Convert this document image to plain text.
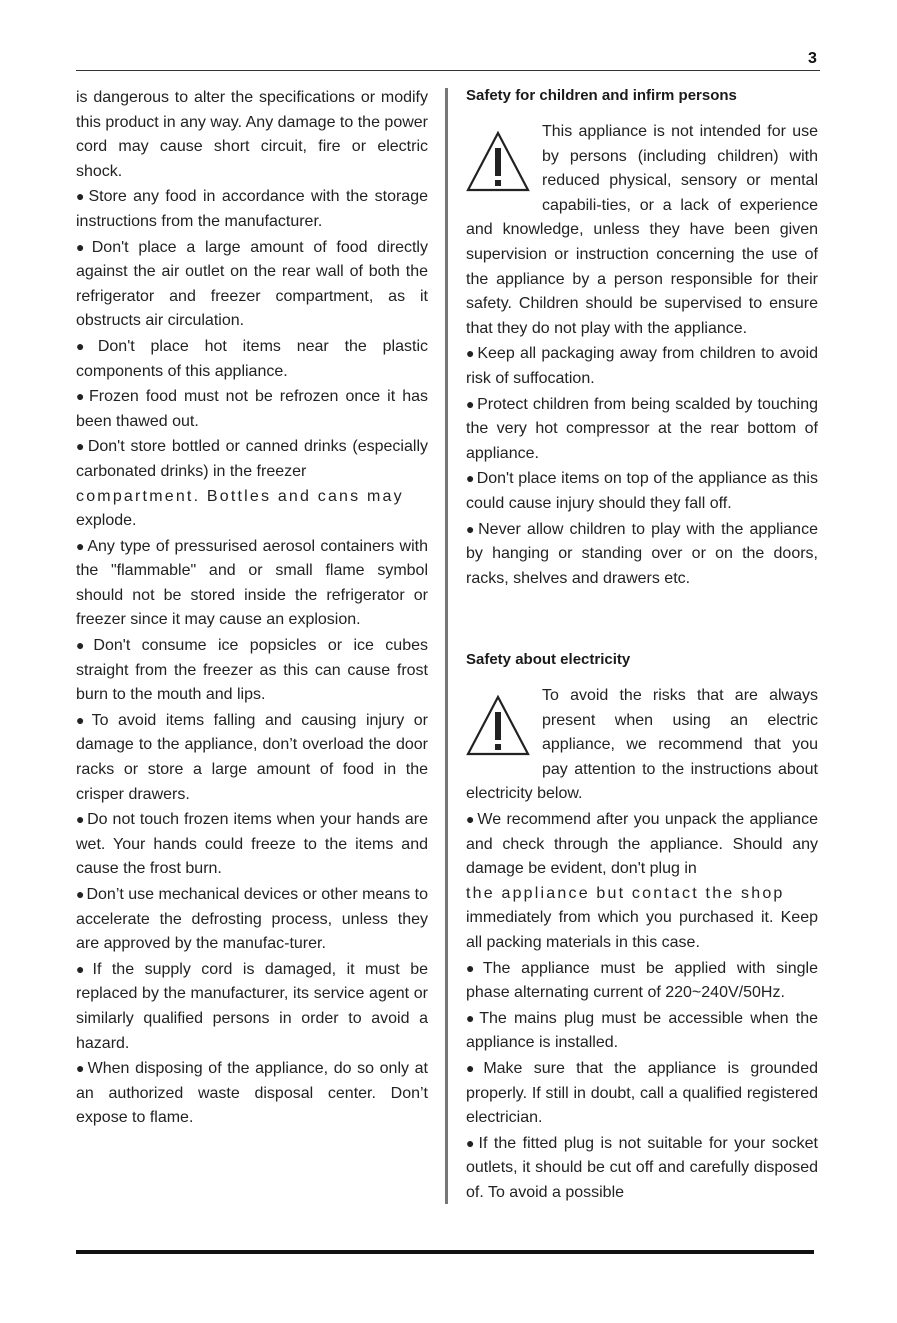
3

is dangerous to alter the specifications or modify this product in any way. Any damage to the power cord may cause short circuit, fire or electric shock.

● Store any food in accordance with the storage instructions from the manufacturer.

● Don't place a large amount of food directly against the air outlet on the rear wall of both the refrigerator and freezer compartment, as it obstructs air circulation.

● Don't place hot items near the plastic components of this appliance.

● Frozen food must not be refrozen once it has been thawed out.

● Don't store bottled or canned drinks (especially carbonated drinks) in the freezer

compartment. Bottles and cans may

explode.

● Any type of pressurised aerosol containers with the "flammable" and or small flame symbol should not be stored inside the refrigerator or freezer since it may cause an explosion.

● Don't consume ice popsicles or ice cubes straight from the freezer as this can cause frost burn to the mouth and lips.

● To avoid items falling and causing injury or damage to the appliance, don’t overload the door racks or store a large amount of food in the crisper drawers.

● Do not touch frozen items when your hands are wet. Your hands could freeze to the items and cause the frost burn.

● Don’t use mechanical devices or other means to accelerate the defrosting process, unless they are approved by the manufac-turer.

● If the supply cord is damaged, it must be replaced by the manufacturer, its service agent or similarly qualified persons in order to avoid a hazard.

● When disposing of the appliance, do so only at an authorized waste disposal center. Don’t expose to flame.

Safety for children and infirm persons

This appliance is not intended for use by persons (including children) with reduced physical, sensory or mental capabili-ties, or a lack of experience and knowledge, unless they have been given supervision or instruction concerning the use of the appliance by a person responsible for their safety. Children should be supervised to ensure that they do not play with the appliance.

● Keep all packaging away from children to avoid risk of suffocation.

● Protect children from being scalded by touching the very hot compressor at the rear bottom of appliance.

● Don't place items on top of the appliance as this could cause injury should they fall off.

● Never allow children to play with the appliance by hanging or standing over or on the doors, racks, shelves and drawers etc.

Safety about electricity

To avoid the risks that are always present when using an electric appliance, we recommend that you pay attention to the instructions about electricity below.

● We recommend after you unpack the appliance and check through the appliance. Should any damage be evident, don't plug in

the appliance but contact the shop

immediately from which you purchased it. Keep all packing materials in this case.

● The appliance must be applied with single phase alternating current of 220~240V/50Hz.

● The mains plug must be accessible when the appliance is installed.

● Make sure that the appliance is grounded properly. If still in doubt, call a qualified registered electrician.

● If the fitted plug is not suitable for your socket outlets, it should be cut off and carefully disposed of. To avoid a possible
